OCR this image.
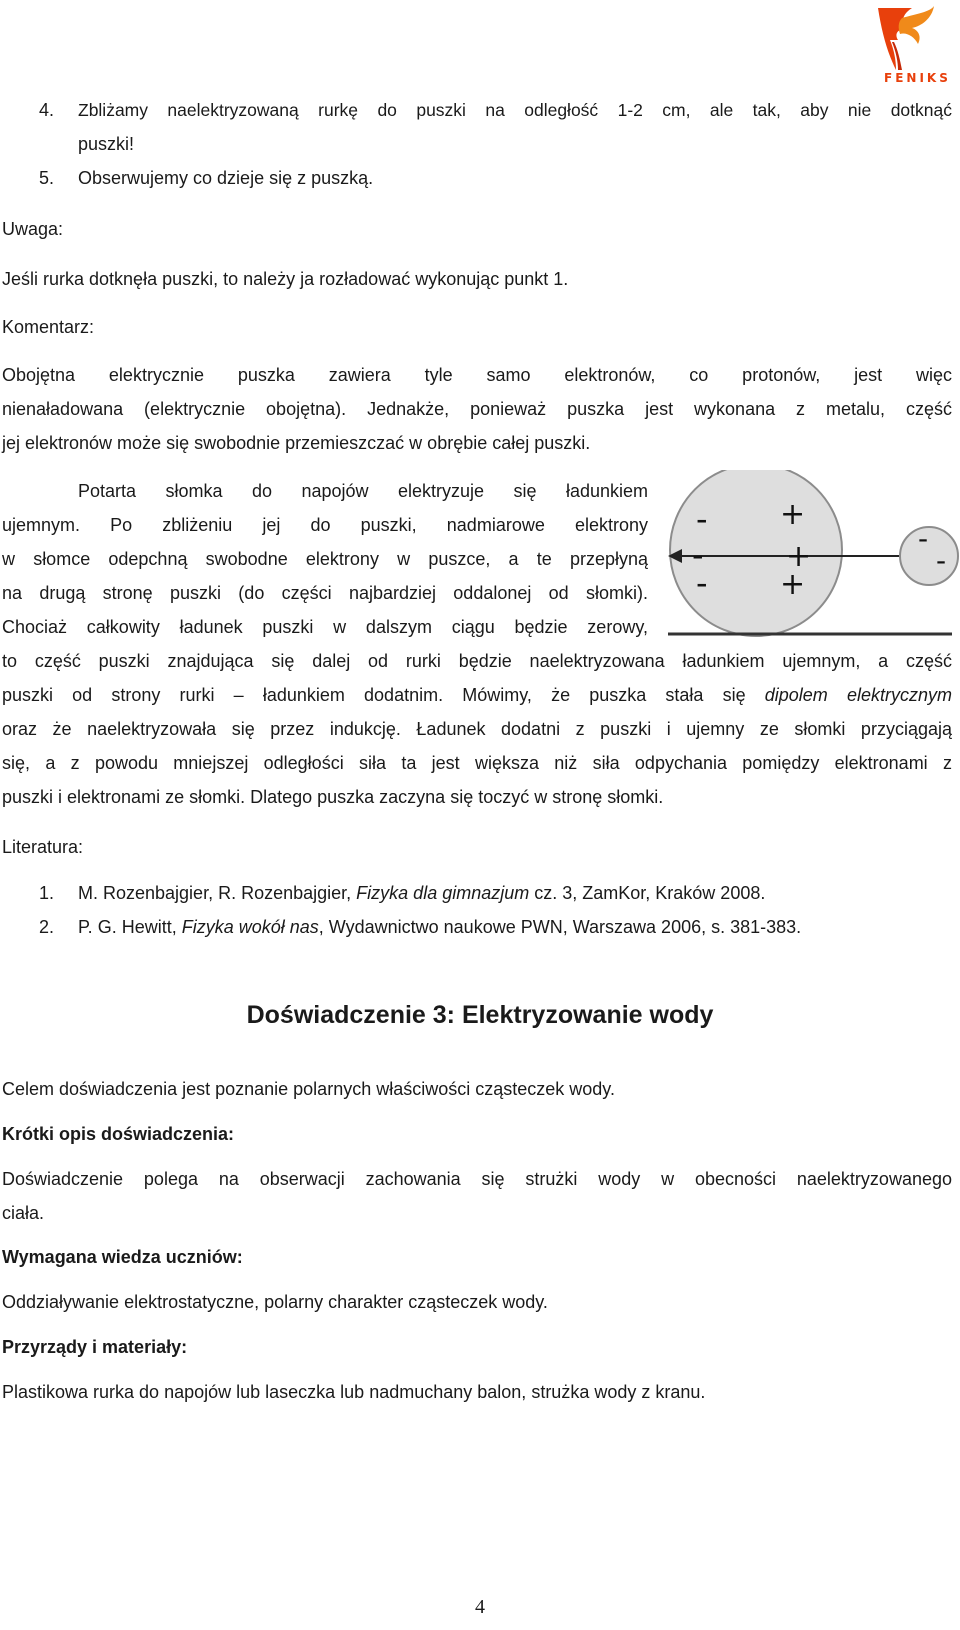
FENIKS
4. Zbliżamy naelektryzowaną rurkę do puszki na odległość 1-2 cm, ale tak, aby nie dotknąć
puszki!
5. Obserwujemy co dzieje się z puszką.
Uwaga:
Jeśli rurka dotknęła puszki, to należy ja rozładować wykonując punkt 1.
Komentarz:
Obojętna elektrycznie puszka zawiera tyle samo elektronów, co protonów, jest więc
nienaładowana (elektrycznie obojętna). Jednakże, ponieważ puszka jest wykonana z metalu, część
jej elektronów może się swobodnie przemieszczać w obrębie całej puszki.
Potarta słomka do napojów elektryzuje się ładunkiem
ujemnym. Po zbliżeniu jej do puszki, nadmiarowe elektrony
w słomce odepchną swobodne elektrony w puszce, a te przepłyną
na drugą stronę puszki (do części najbardziej oddalonej od słomki).
Chociaż całkowity ładunek puszki w dalszym ciągu będzie zerowy,
to część puszki znajdująca się dalej od rurki będzie naelektryzowana ładunkiem ujemnym, a część
puszki od strony rurki – ładunkiem dodatnim. Mówimy, że puszka stała się dipolem elektrycznym
oraz że naelektryzowała się przez indukcję. Ładunek dodatni z puszki i ujemny ze słomki przyciągają
się, a z powodu mniejszej odległości siła ta jest większa niż siła odpychania pomiędzy elektronami z
puszki i elektronami ze słomki. Dlatego puszka zaczyna się toczyć w stronę słomki.
-
-
-
+
+
+
-
-
Literatura:
1. M. Rozenbajgier, R. Rozenbajgier, Fizyka dla gimnazjum cz. 3, ZamKor, Kraków 2008.
2. P. G. Hewitt, Fizyka wokół nas, Wydawnictwo naukowe PWN, Warszawa 2006, s. 381-383.
Doświadczenie 3: Elektryzowanie wody
Celem doświadczenia jest poznanie polarnych właściwości cząsteczek wody.
Krótki opis doświadczenia:
Doświadczenie polega na obserwacji zachowania się strużki wody w obecności naelektryzowanego
ciała.
Wymagana wiedza uczniów:
Oddziaływanie elektrostatyczne, polarny charakter cząsteczek wody.
Przyrządy i materiały:
Plastikowa rurka do napojów lub laseczka lub nadmuchany balon, strużka wody z kranu.
4
